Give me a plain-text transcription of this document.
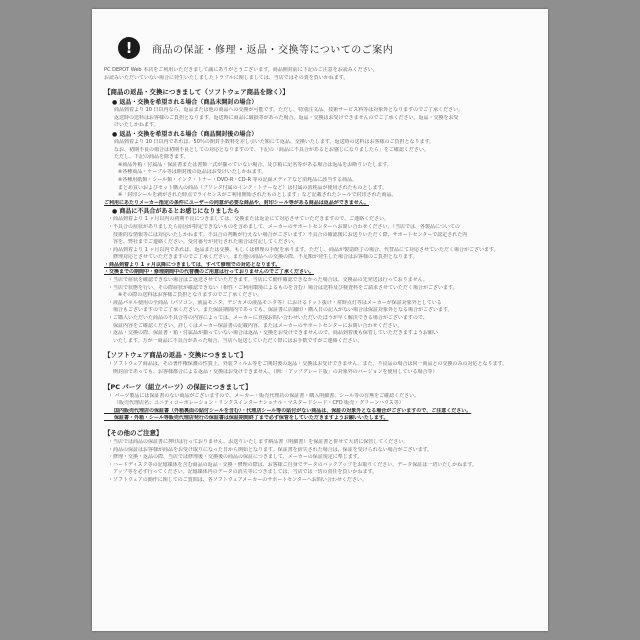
!	商品の保証・修理・返品・交換等についてのご案内

PC DEPOT Web 本店をご利用いただきまして誠にありがとうございます。商品開封前に下記のご注意をお読みください。

お読みいただいていない場合に発生いたしましたトラブルに関しましては、当店ではその責を負いかねます。

【商品の返品・交換につきまして（ソフトウェア商品を除く）】

● 返品・交換を希望される場合（商品未開封の場合）

商品到着より 10 日以内なら、返品または他の商品への交換が可能です。ただし、特別注文品、技術サービス料等は対象外となりますのでご了承ください。

返送時の送料はお客様のご負担となります。返送時に商品に破損等があった場合、返品・交換はお受けできませんのでご了承ください。返品・交換をお受

けいたしかねます。

● 返品・交換を希望される場合（商品開封後の場合）

商品到着より 10 日以内であれば、50％の開封手数料を差し引いた額にて返品、交換いたします。返送時の送料はお客様のご負担となります。

なお、初期不良の場合は初期不良としての対応となりますので、下記の「商品に不具合があるとお感じになりましたら」をご確認ください。

ただし、下記の商品を除きます。

※商品外箱・付属品・保証書または書類一式が揃っていない場合、及び箱に記名等がある場合は返品をお断りいたします。

※各種商品・ケーブル等は開封後の返品はお受けいたしかねます。

※各種用紙類・シール類・インク・トナー・DVD-R・CD-R 等の記録メディアなど消耗品に該当する商品。

まとめ買いおよびセット購入の商品（プリンタ付属のインク・トナーなど）は付属の消耗品が使用されたものとします。

※「封印シールを剥がされた時点でライセンスがご利用開始されたものとします」など記載されたシールで封印された商品。

ご利用にあたりメーカー指定の条件にユーザーの同意が必要な商品や、封印シール等がある商品は返品ができません。

● 商品に不具合があるとお感じになりましたら

・商品到着より 1 ヶ月以内の初期不良につきましては、交換または返金にて対応させていただきますので、ご連絡ください。

・不具合の症状がありましたら原因が特定できないものを含めまして、メーカーのサポートセンターへお問い合わせください。（当店では、各製品についての

　技術的な情報等には対応いたしかねます。不具合の判断が行えない場合がございます）不具合の確認後にお送りいただく際、サポートセンターで認定された内

　容を、弊社までご連絡ください。受付番号が発行された場合は付記してください。

・商品到着より 1 ヶ月以内であれば、返品または交換、もしくは修理の手配を承ります。ただし、商品が製造終了の場合、代替品にて対応させていただく場合がございます。

　修理対応とさせていただきますのでご了承ください。また他の商品への交換の際、不足額が発生した場合はお客様のご負担となります。

・商品到着より 1 ヶ月以降につきましては、すべて修理での対応となります。

・交換までの期間中・修理期間中の代替機のご用意は行っておりませんのでご了承ください。

・当店で症状を確認できない場合はご返送させていただきます。当店にて動作確認できなかった場合は、交換品の先発送は行っておりません。

・当店で状態を行い、その際症状が確認できない（相性・ご利用環境によるものを含む）場合は送料及び検査料をご請求させていただく場合がございます。

※その際の送料はお客様ご負担となりますのでご了承ください。

・液晶パネル使用の全商品（パソコン、液晶モニタ、デジカメの液晶モニタ等）におけるドット抜け・常時点灯等はメーカーが保証対象外としている

　場合もございますのでご了承ください。また保証期間内であっても、保証書に店舗印・購入日の記入がない場合は保証対象外となる場合がございます。

・ご購入いただいた商品の不具合等の内容によっては、メーカーに直接お問い合わせいただいたほうが早く解決できる場合がございますので、

　保証内容をご確認ください。詳しくはメーカー保証書の記載内容、またはメーカーのサポートセンターにお問い合わせください。

・返品・交換の際、保証書・箱・付属品が揃っていない場合は返品・交換をお受けできませんので、商品到着後も保管していただきますようお願い

　いたします。万が一商品に不具合があった場合、当店へ返送していただく際にはお手数ですがご連絡ください。

【ソフトウェア商品の返品・交換につきまして】

・ソフトウェア商品は、その著作権保護の性質上、外装フィルム等をご開封後の返品・交換はお受けできません。また、不良品の場合は同一商品との交換のみの対応となります。

　開封前であっても、お客様都合による返品・交換はお受けできません。（例：「アップグレード版」の対象外のバージョンを使用している場合等）

【PC パーツ（組立パーツ）の保証につきまして】

・ パーツ製品には保証書のない商品がございますので、メーカー・販売代理店の保証書・購入明細書、シール等の有無をご確認ください。

（販売代理店名：ユニティコーポレーション・リンクスインターナショナル・マスタードシード・CFD 販売・グリーンハウス等）

　　国内販売代理店の保証書（外箱裏面の貼付シールを含む）・代理店シール等の貼付がない商品は、保証の対象外となる場合がございますので、ご注意ください。

　　保証書・外箱・シール等販売代理店発行の保証書は保証期間終了まで必ず保管をしていただきますようお願いいたします。

【その他のご注意】

・当店では商品の保証書に押印は行っておりません。お送りいたします納品書（明細書）を保証書と併せて大切に保管してください。

・商品の保証はお客様が商品をお受け取りになった日から開始となります。保証書を紛失された場合は、保証を受けられない場合がございます。

・修理・交換・返品の際、当店では修理後・交換後の商品の保証につきまして、メーカーの保証規定に準じます。

・ハードディスク等の記憶媒体を含む商品の返品・交換・修理の際は、お客様ご自身でデータのバックアップをお取りください。データ保証は一切いたしかねます。

　アップ等を必ず行ってください。記憶媒体内のデータの消失等につきましては、当店では一切の責任を負いかねます。

・ソフトウェアの動作に関してのご質問は、各ソフトウェアメーカーのサポートセンターへお問い合わせください。
